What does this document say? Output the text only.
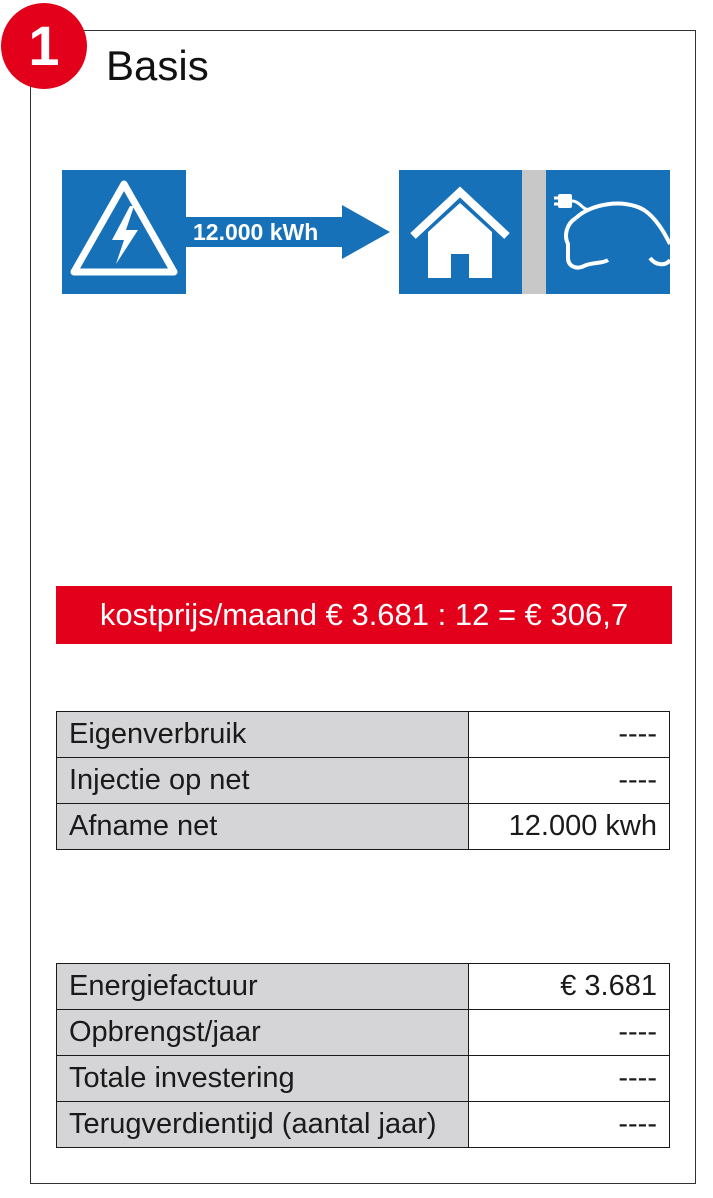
1	Basis
12.000 kWh
kostprijs/maand € 3.681 : 12 = € 306,7
Eigenverbruik	----
Injectie op net	----
Afname net	12.000 kwh
Energiefactuur	€ 3.681
Opbrengst/jaar	----
Totale investering	----
Terugverdientijd (aantal jaar)	----
